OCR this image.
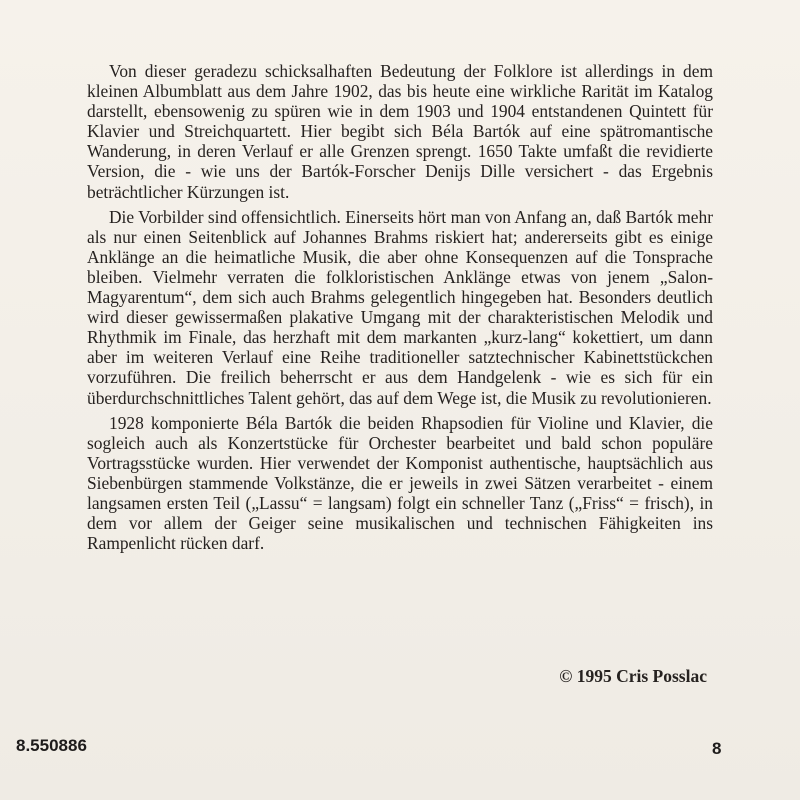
Von dieser geradezu schicksalhaften Bedeutung der Folklore ist allerdings in dem kleinen Albumblatt aus dem Jahre 1902, das bis heute eine wirkliche Rarität im Katalog darstellt, ebensowenig zu spüren wie in dem 1903 und 1904 entstandenen Quintett für Klavier und Streichquartett. Hier begibt sich Béla Bartók auf eine spätromantische Wanderung, in deren Verlauf er alle Grenzen sprengt. 1650 Takte umfaßt die revidierte Version, die - wie uns der Bartók-Forscher Denijs Dille versichert - das Ergebnis beträchtlicher Kürzungen ist.

Die Vorbilder sind offensichtlich. Einerseits hört man von Anfang an, daß Bartók mehr als nur einen Seitenblick auf Johannes Brahms riskiert hat; andererseits gibt es einige Anklänge an die heimatliche Musik, die aber ohne Konsequenzen auf die Tonsprache bleiben. Vielmehr verraten die folkloristischen Anklänge etwas von jenem „Salon-Magyarentum“, dem sich auch Brahms gelegentlich hingegeben hat. Besonders deutlich wird dieser gewissermaßen plakative Umgang mit der charakteristischen Melodik und Rhythmik im Finale, das herzhaft mit dem markanten „kurz-lang“ kokettiert, um dann aber im weiteren Verlauf eine Reihe traditioneller satztechnischer Kabinettstückchen vorzuführen. Die freilich beherrscht er aus dem Handgelenk - wie es sich für ein überdurchschnittliches Talent gehört, das auf dem Wege ist, die Musik zu revolutionieren.

1928 komponierte Béla Bartók die beiden Rhapsodien für Violine und Klavier, die sogleich auch als Konzertstücke für Orchester bearbeitet und bald schon populäre Vortragsstücke wurden. Hier verwendet der Komponist authentische, hauptsächlich aus Siebenbürgen stammende Volkstänze, die er jeweils in zwei Sätzen verarbeitet - einem langsamen ersten Teil („Lassu“ = langsam) folgt ein schneller Tanz („Friss“ = frisch), in dem vor allem der Geiger seine musikalischen und technischen Fähigkeiten ins Rampenlicht rücken darf.

© 1995 Cris Posslac
8.550886	8
